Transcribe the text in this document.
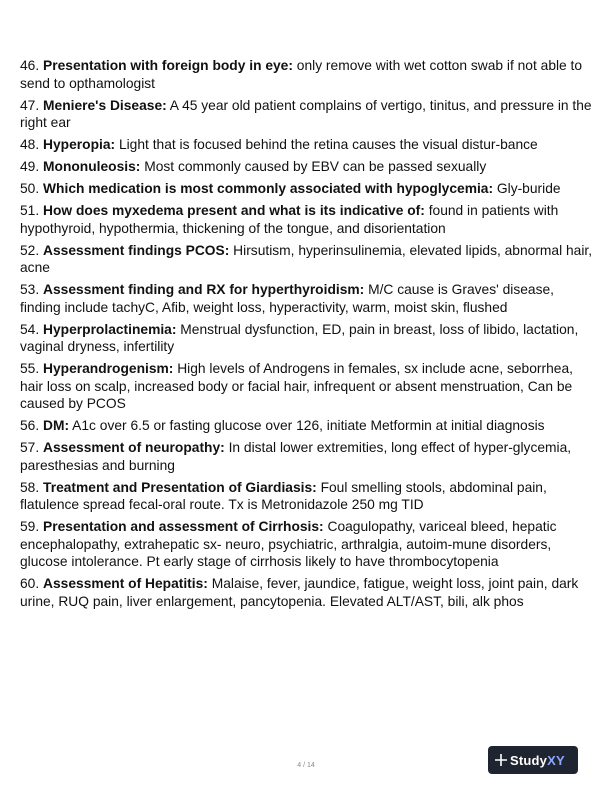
46. Presentation with foreign body in eye: only remove with wet cotton swab if not able to send to opthamologist
47. Meniere's Disease: A 45 year old patient complains of vertigo, tinitus, and pressure in the right ear
48. Hyperopia: Light that is focused behind the retina causes the visual distur-bance
49. Mononuleosis: Most commonly caused by EBV can be passed sexually
50. Which medication is most commonly associated with hypoglycemia: Gly-buride
51. How does myxedema present and what is its indicative of: found in patients with hypothyroid, hypothermia, thickening of the tongue, and disorientation
52. Assessment findings PCOS: Hirsutism, hyperinsulinemia, elevated lipids, abnormal hair, acne
53. Assessment finding and RX for hyperthyroidism: M/C cause is Graves' disease, finding include tachyC, Afib, weight loss, hyperactivity, warm, moist skin, flushed
54. Hyperprolactinemia: Menstrual dysfunction, ED, pain in breast, loss of libido, lactation, vaginal dryness, infertility
55. Hyperandrogenism: High levels of Androgens in females, sx include acne, seborrhea, hair loss on scalp, increased body or facial hair, infrequent or absent menstruation, Can be caused by PCOS
56. DM: A1c over 6.5 or fasting glucose over 126, initiate Metformin at initial diagnosis
57. Assessment of neuropathy: In distal lower extremities, long effect of hyper-glycemia, paresthesias and burning
58. Treatment and Presentation of Giardiasis: Foul smelling stools, abdominal pain, flatulence spread fecal-oral route. Tx is Metronidazole 250 mg TID
59. Presentation and assessment of Cirrhosis: Coagulopathy, variceal bleed, hepatic encephalopathy, extrahepatic sx- neuro, psychiatric, arthralgia, autoim-mune disorders, glucose intolerance. Pt early stage of cirrhosis likely to have thrombocytopenia
60. Assessment of Hepatitis: Malaise, fever, jaundice, fatigue, weight loss, joint pain, dark urine, RUQ pain, liver enlargement, pancytopenia. Elevated ALT/AST, bili, alk phos
4 / 14	StudyXY
